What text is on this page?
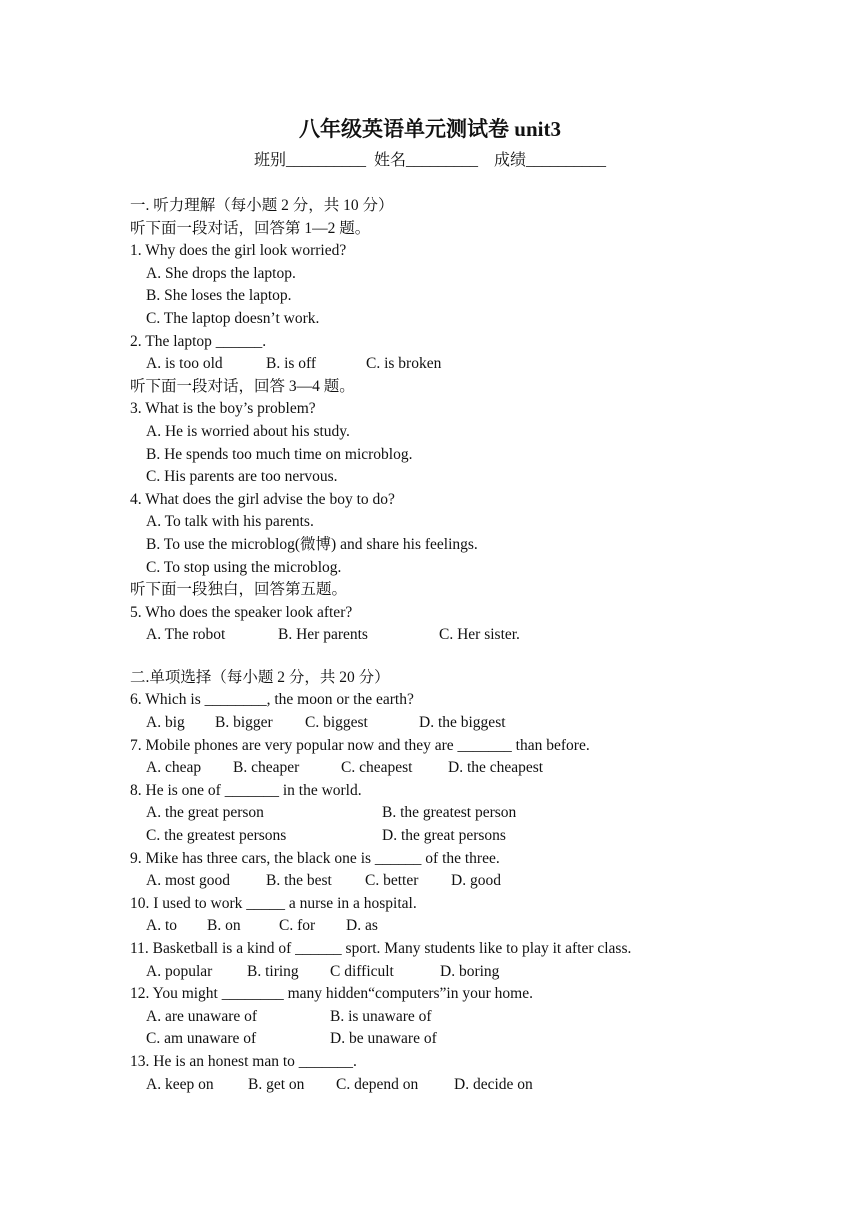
八年级英语单元测试卷 unit3
班别__________ 姓名_________ 成绩__________
一. 听力理解（每小题 2 分，共 10 分）
听下面一段对话，回答第 1—2 题。
1. Why does the girl look worried?
A. She drops the laptop.
B. She loses the laptop.
C. The laptop doesn’t work.
2. The laptop ______.
A. is too old	B. is off	C. is broken
听下面一段对话，回答 3—4 题。
3. What is the boy’s problem?
A. He is worried about his study.
B. He spends too much time on microblog.
C. His parents are too nervous.
4. What does the girl advise the boy to do?
A. To talk with his parents.
B. To use the microblog(微博) and share his feelings.
C. To stop using the microblog.
听下面一段独白，回答第五题。
5. Who does the speaker look after?
A. The robot	B. Her parents	C. Her sister.
二.单项选择（每小题 2 分，共 20 分）
6. Which is ________, the moon or the earth?
A. big B. bigger C. biggest	D. the biggest
7. Mobile phones are very popular now and they are _______ than before.
A. cheap B. cheaper	C. cheapest D. the cheapest
8. He is one of _______ in the world.
A. the great person	B. the greatest person
C. the greatest persons	D. the great persons
9. Mike has three cars, the black one is ______ of the three.
A. most good B. the best C. better D. good
10. I used to work _____ a nurse in a hospital.
A. to B. on C. for D. as
11. Basketball is a kind of ______ sport. Many students like to play it after class.
A. popular B. tiring C difficult	D. boring
12. You might ________ many hidden“computers”in your home.
A. are unaware of	B. is unaware of
C. am unaware of	D. be unaware of
13. He is an honest man to _______.
A. keep on B. get on C. depend on D. decide on
